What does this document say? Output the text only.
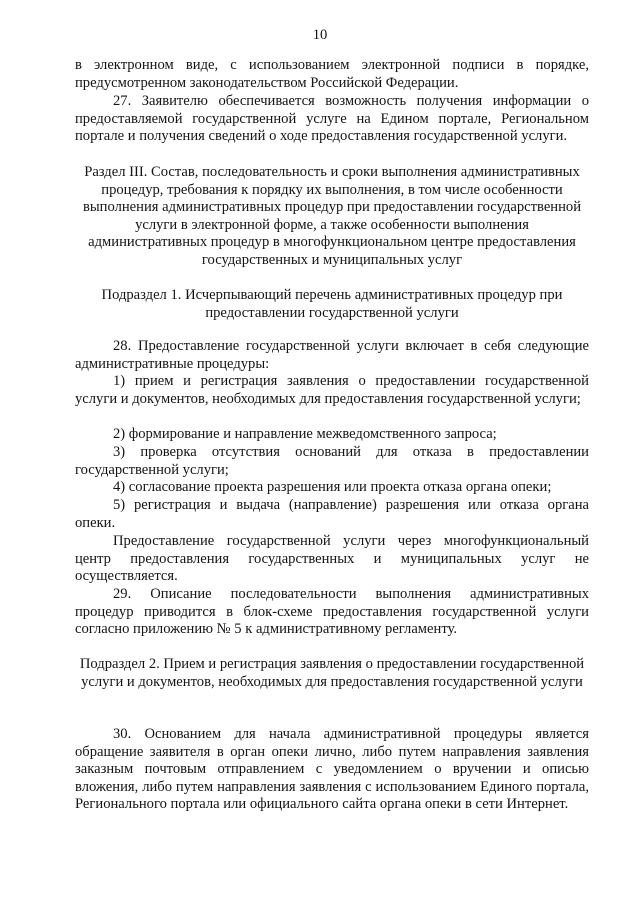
10

в электронном виде, с использованием электронной подписи в порядке, предусмотренном законодательством Российской Федерации.

27. Заявителю обеспечивается возможность получения информации о предоставляемой государственной услуге на Едином портале, Региональном портале и получения сведений о ходе предоставления государственной услуги.

Раздел III. Состав, последовательность и сроки выполнения административных процедур, требования к порядку их выполнения, в том числе особенности выполнения административных процедур при предоставлении государственной услуги в электронной форме, а также особенности выполнения административных процедур в многофункциональном центре предоставления государственных и муниципальных услуг

Подраздел 1. Исчерпывающий перечень административных процедур при предоставлении государственной услуги

28. Предоставление государственной услуги включает в себя следующие административные процедуры:

1) прием и регистрация заявления о предоставлении государственной услуги и документов, необходимых для предоставления государственной услуги;

2) формирование и направление межведомственного запроса;

3) проверка отсутствия оснований для отказа в предоставлении государственной услуги;

4) согласование проекта разрешения или проекта отказа органа опеки;

5) регистрация и выдача (направление) разрешения или отказа органа опеки.

Предоставление государственной услуги через многофункциональный центр предоставления государственных и муниципальных услуг не осуществляется.

29. Описание последовательности выполнения административных процедур приводится в блок-схеме предоставления государственной услуги согласно приложению № 5 к административному регламенту.

Подраздел 2. Прием и регистрация заявления о предоставлении государственной услуги и документов, необходимых для предоставления государственной услуги

30. Основанием для начала административной процедуры является обращение заявителя в орган опеки лично, либо путем направления заявления заказным почтовым отправлением с уведомлением о вручении и описью вложения, либо путем направления заявления с использованием Единого портала, Регионального портала или официального сайта органа опеки в сети Интернет.
